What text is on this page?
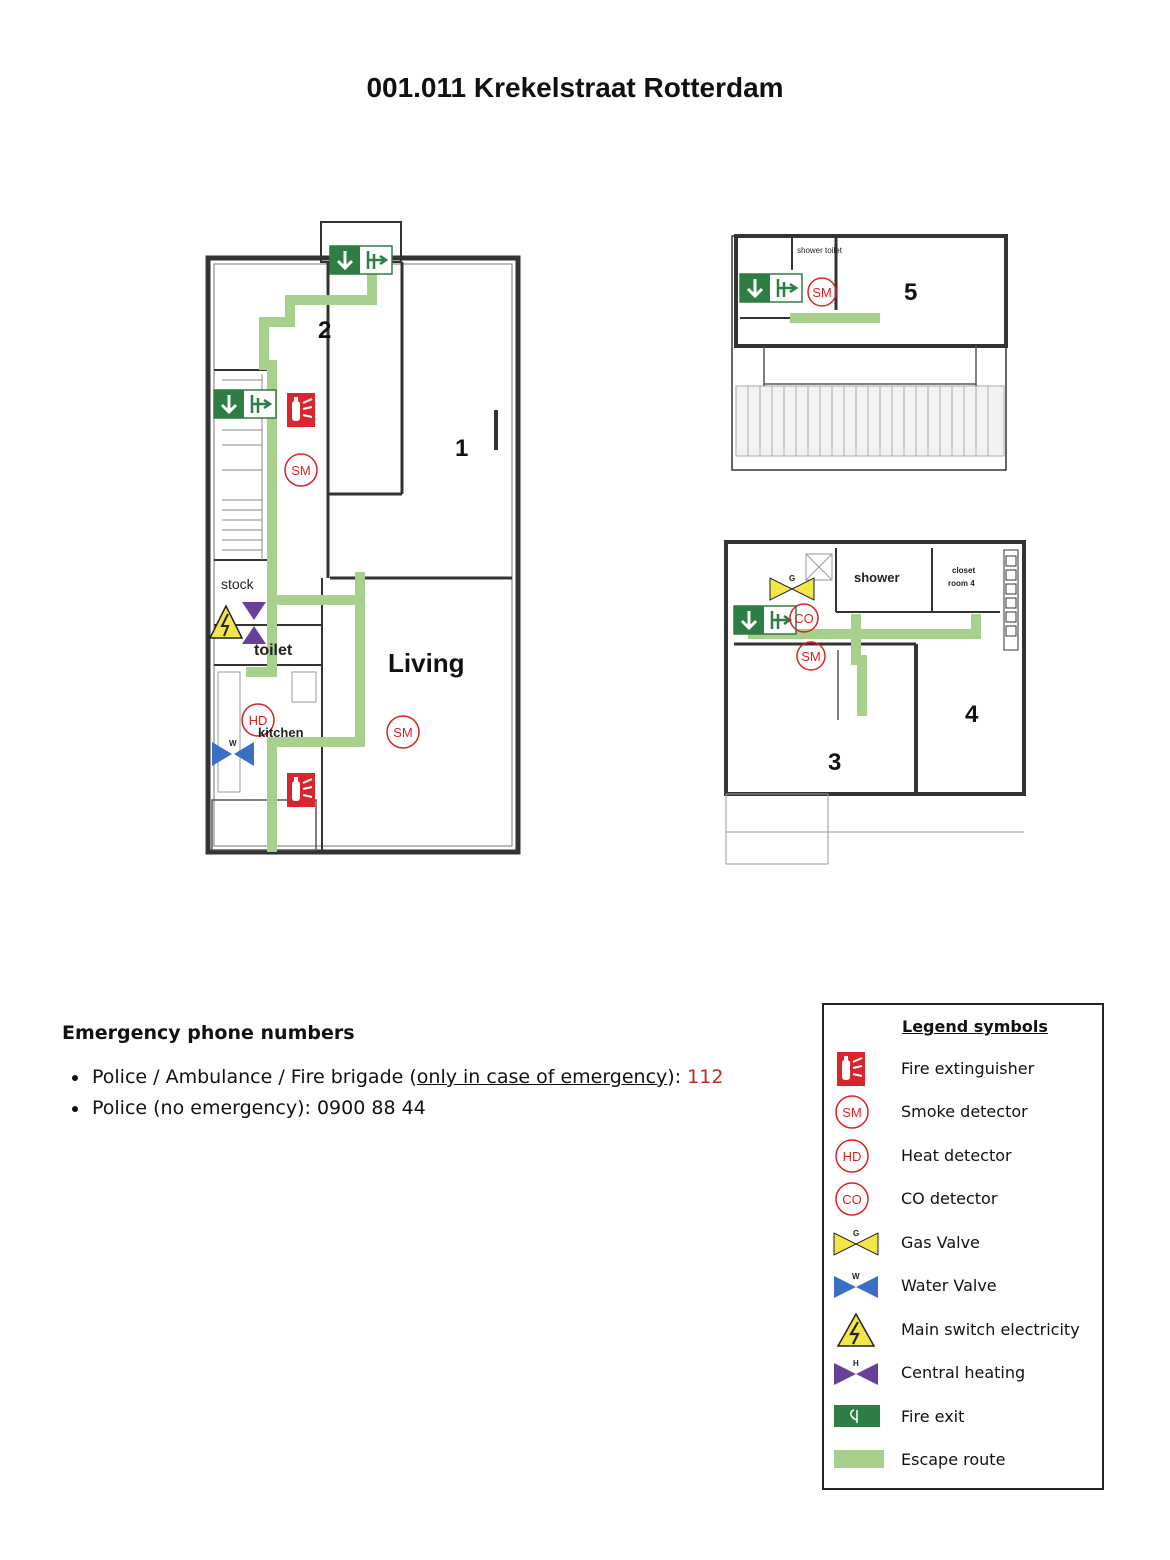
001.011 Krekelstraat Rotterdam
SM
SM
HD
W
2
1
Living
stock
toilet
kitchen
shower toilet
SM	5
G
CO
SM
shower	closet
room 4
3
4
Emergency phone numbers
• Police / Ambulance / Fire brigade (only in case of emergency): 112
• Police (no emergency): 0900 88 44
Legend symbols
Fire extinguisher
SM Smoke detector
HD Heat detector
CO CO detector
G	Gas Valve
W	Water Valve
Main switch electricity
H	Central heating
Fire exit
Escape route
